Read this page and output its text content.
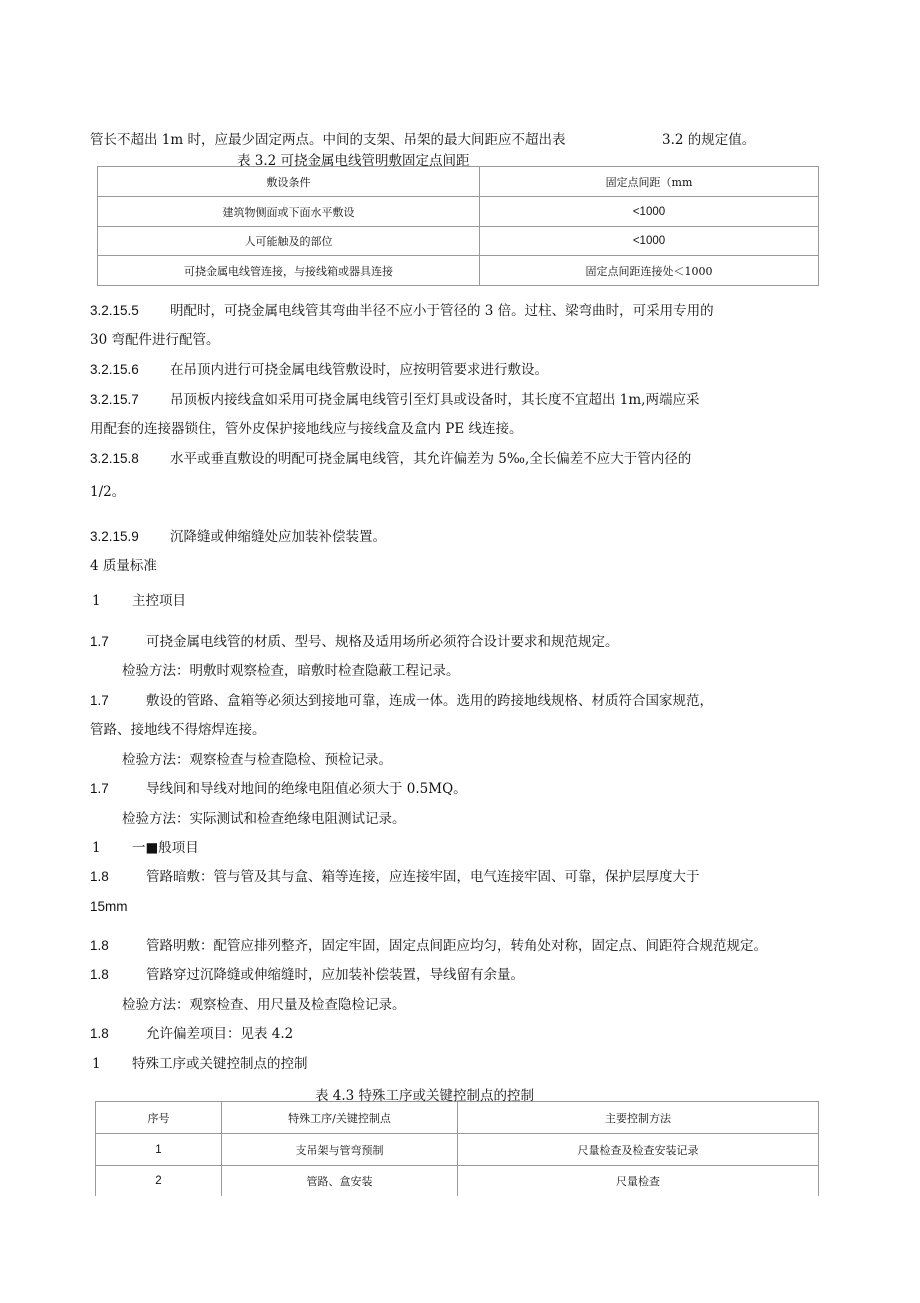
管长不超出 1m 时，应最少固定两点。中间的支架、吊架的最大间距应不超出表	3.2 的规定值。
表 3.2 可挠金属电线管明敷固定点间距
敷设条件	固定点间距（mm
建筑物侧面或下面水平敷设	<1000
人可能触及的部位	<1000
可挠金属电线管连接，与接线箱或器具连接	固定点间距连接处＜1000
3.2.15.5 明配时，可挠金属电线管其弯曲半径不应小于管径的 3 倍。过柱、梁弯曲时，可采用专用的
30 弯配件进行配管。
3.2.15.6 在吊顶内进行可挠金属电线管敷设时，应按明管要求进行敷设。
3.2.15.7 吊顶板内接线盒如采用可挠金属电线管引至灯具或设备时，其长度不宜超出 1m,两端应采
用配套的连接器锁住，管外皮保护接地线应与接线盒及盒内 PE 线连接。
3.2.15.8 水平或垂直敷设的明配可挠金属电线管，其允许偏差为 5‰,全长偏差不应大于管内径的
1/2。
3.2.15.9 沉降缝或伸缩缝处应加装补偿装置。
4 质量标准
1 主控项目
1.7	可挠金属电线管的材质、型号、规格及适用场所必须符合设计要求和规范规定。
检验方法：明敷时观察检查，暗敷时检查隐蔽工程记录。
1.7	敷设的管路、盒箱等必须达到接地可靠，连成一体。选用的跨接地线规格、材质符合国家规范，
管路、接地线不得熔焊连接。
检验方法：观察检查与检查隐检、预检记录。
1.7	导线间和导线对地间的绝缘电阻值必须大于 0.5MQ。
检验方法：实际测试和检查绝缘电阻测试记录。
1 一■般项目
1.8	管路暗敷：管与管及其与盒、箱等连接，应连接牢固，电气连接牢固、可靠，保护层厚度大于
15mm
1.8	管路明敷：配管应排列整齐，固定牢固，固定点间距应均匀，转角处对称，固定点、间距符合规范规定。
1.8	管路穿过沉降缝或伸缩缝时，应加装补偿装置，导线留有余量。
检验方法：观察检查、用尺量及检查隐检记录。
1.8	允许偏差项目：见表 4.2
1 特殊工序或关键控制点的控制
表 4.3 特殊工序或关键控制点的控制
序号	特殊工序/关键控制点	主要控制方法
1	支吊架与管弯预制	尺量检查及检查安装记录
2	管路、盒安装	尺量检查
